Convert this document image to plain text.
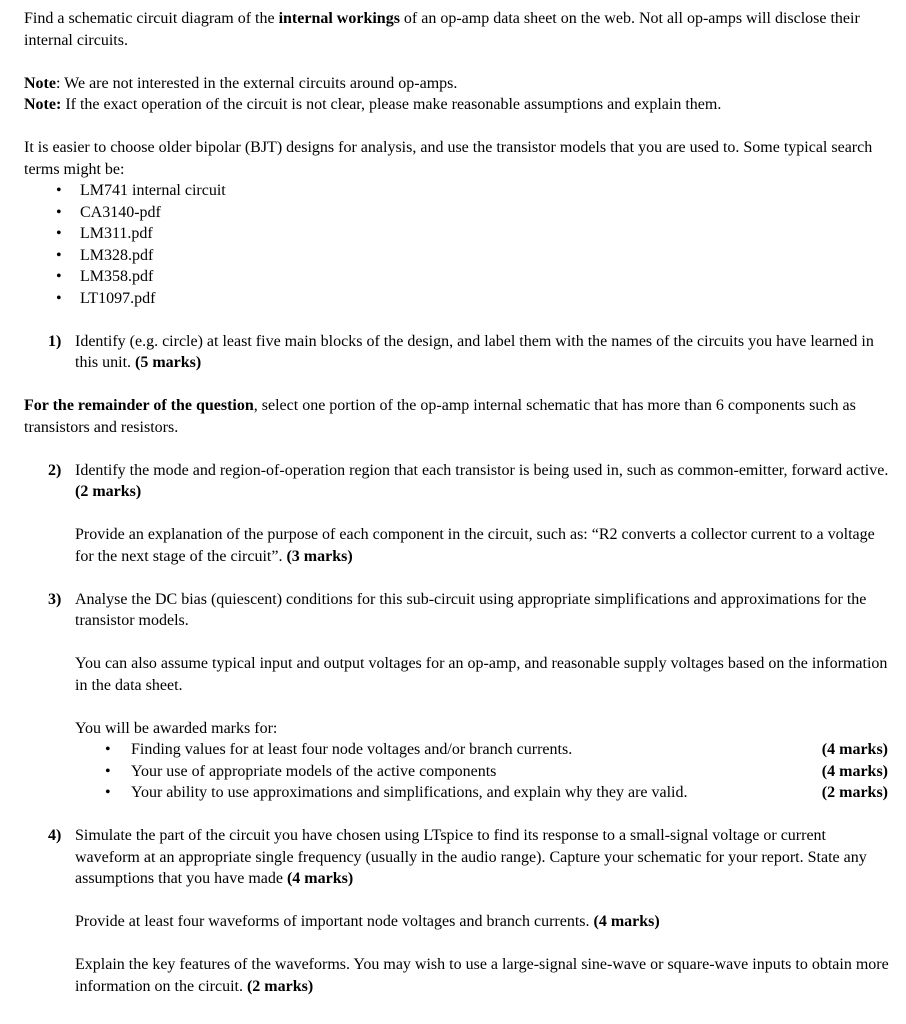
Find a schematic circuit diagram of the internal workings of an op-amp data sheet on the web. Not all op-amps will disclose their internal circuits.

Note: We are not interested in the external circuits around op-amps.

Note: If the exact operation of the circuit is not clear, please make reasonable assumptions and explain them.

It is easier to choose older bipolar (BJT) designs for analysis, and use the transistor models that you are used to. Some typical search terms might be:

• LM741 internal circuit
• CA3140-pdf
• LM311.pdf
• LM328.pdf
• LM358.pdf
• LT1097.pdf

1) Identify (e.g. circle) at least five main blocks of the design, and label them with the names of the circuits you have learned in this unit. (5 marks)

For the remainder of the question, select one portion of the op-amp internal schematic that has more than 6 components such as transistors and resistors.

2) Identify the mode and region-of-operation region that each transistor is being used in, such as common-emitter, forward active. (2 marks)

Provide an explanation of the purpose of each component in the circuit, such as: “R2 converts a collector current to a voltage for the next stage of the circuit”. (3 marks)

3) Analyse the DC bias (quiescent) conditions for this sub-circuit using appropriate simplifications and approximations for the transistor models.

You can also assume typical input and output voltages for an op-amp, and reasonable supply voltages based on the information in the data sheet.

You will be awarded marks for:

• Finding values for at least four node voltages and/or branch currents.	(4 marks)
• Your use of appropriate models of the active components	(4 marks)
• Your ability to use approximations and simplifications, and explain why they are valid.	(2 marks)

4) Simulate the part of the circuit you have chosen using LTspice to find its response to a small-signal voltage or current waveform at an appropriate single frequency (usually in the audio range). Capture your schematic for your report. State any assumptions that you have made (4 marks)

Provide at least four waveforms of important node voltages and branch currents. (4 marks)

Explain the key features of the waveforms. You may wish to use a large-signal sine-wave or square-wave inputs to obtain more information on the circuit. (2 marks)
